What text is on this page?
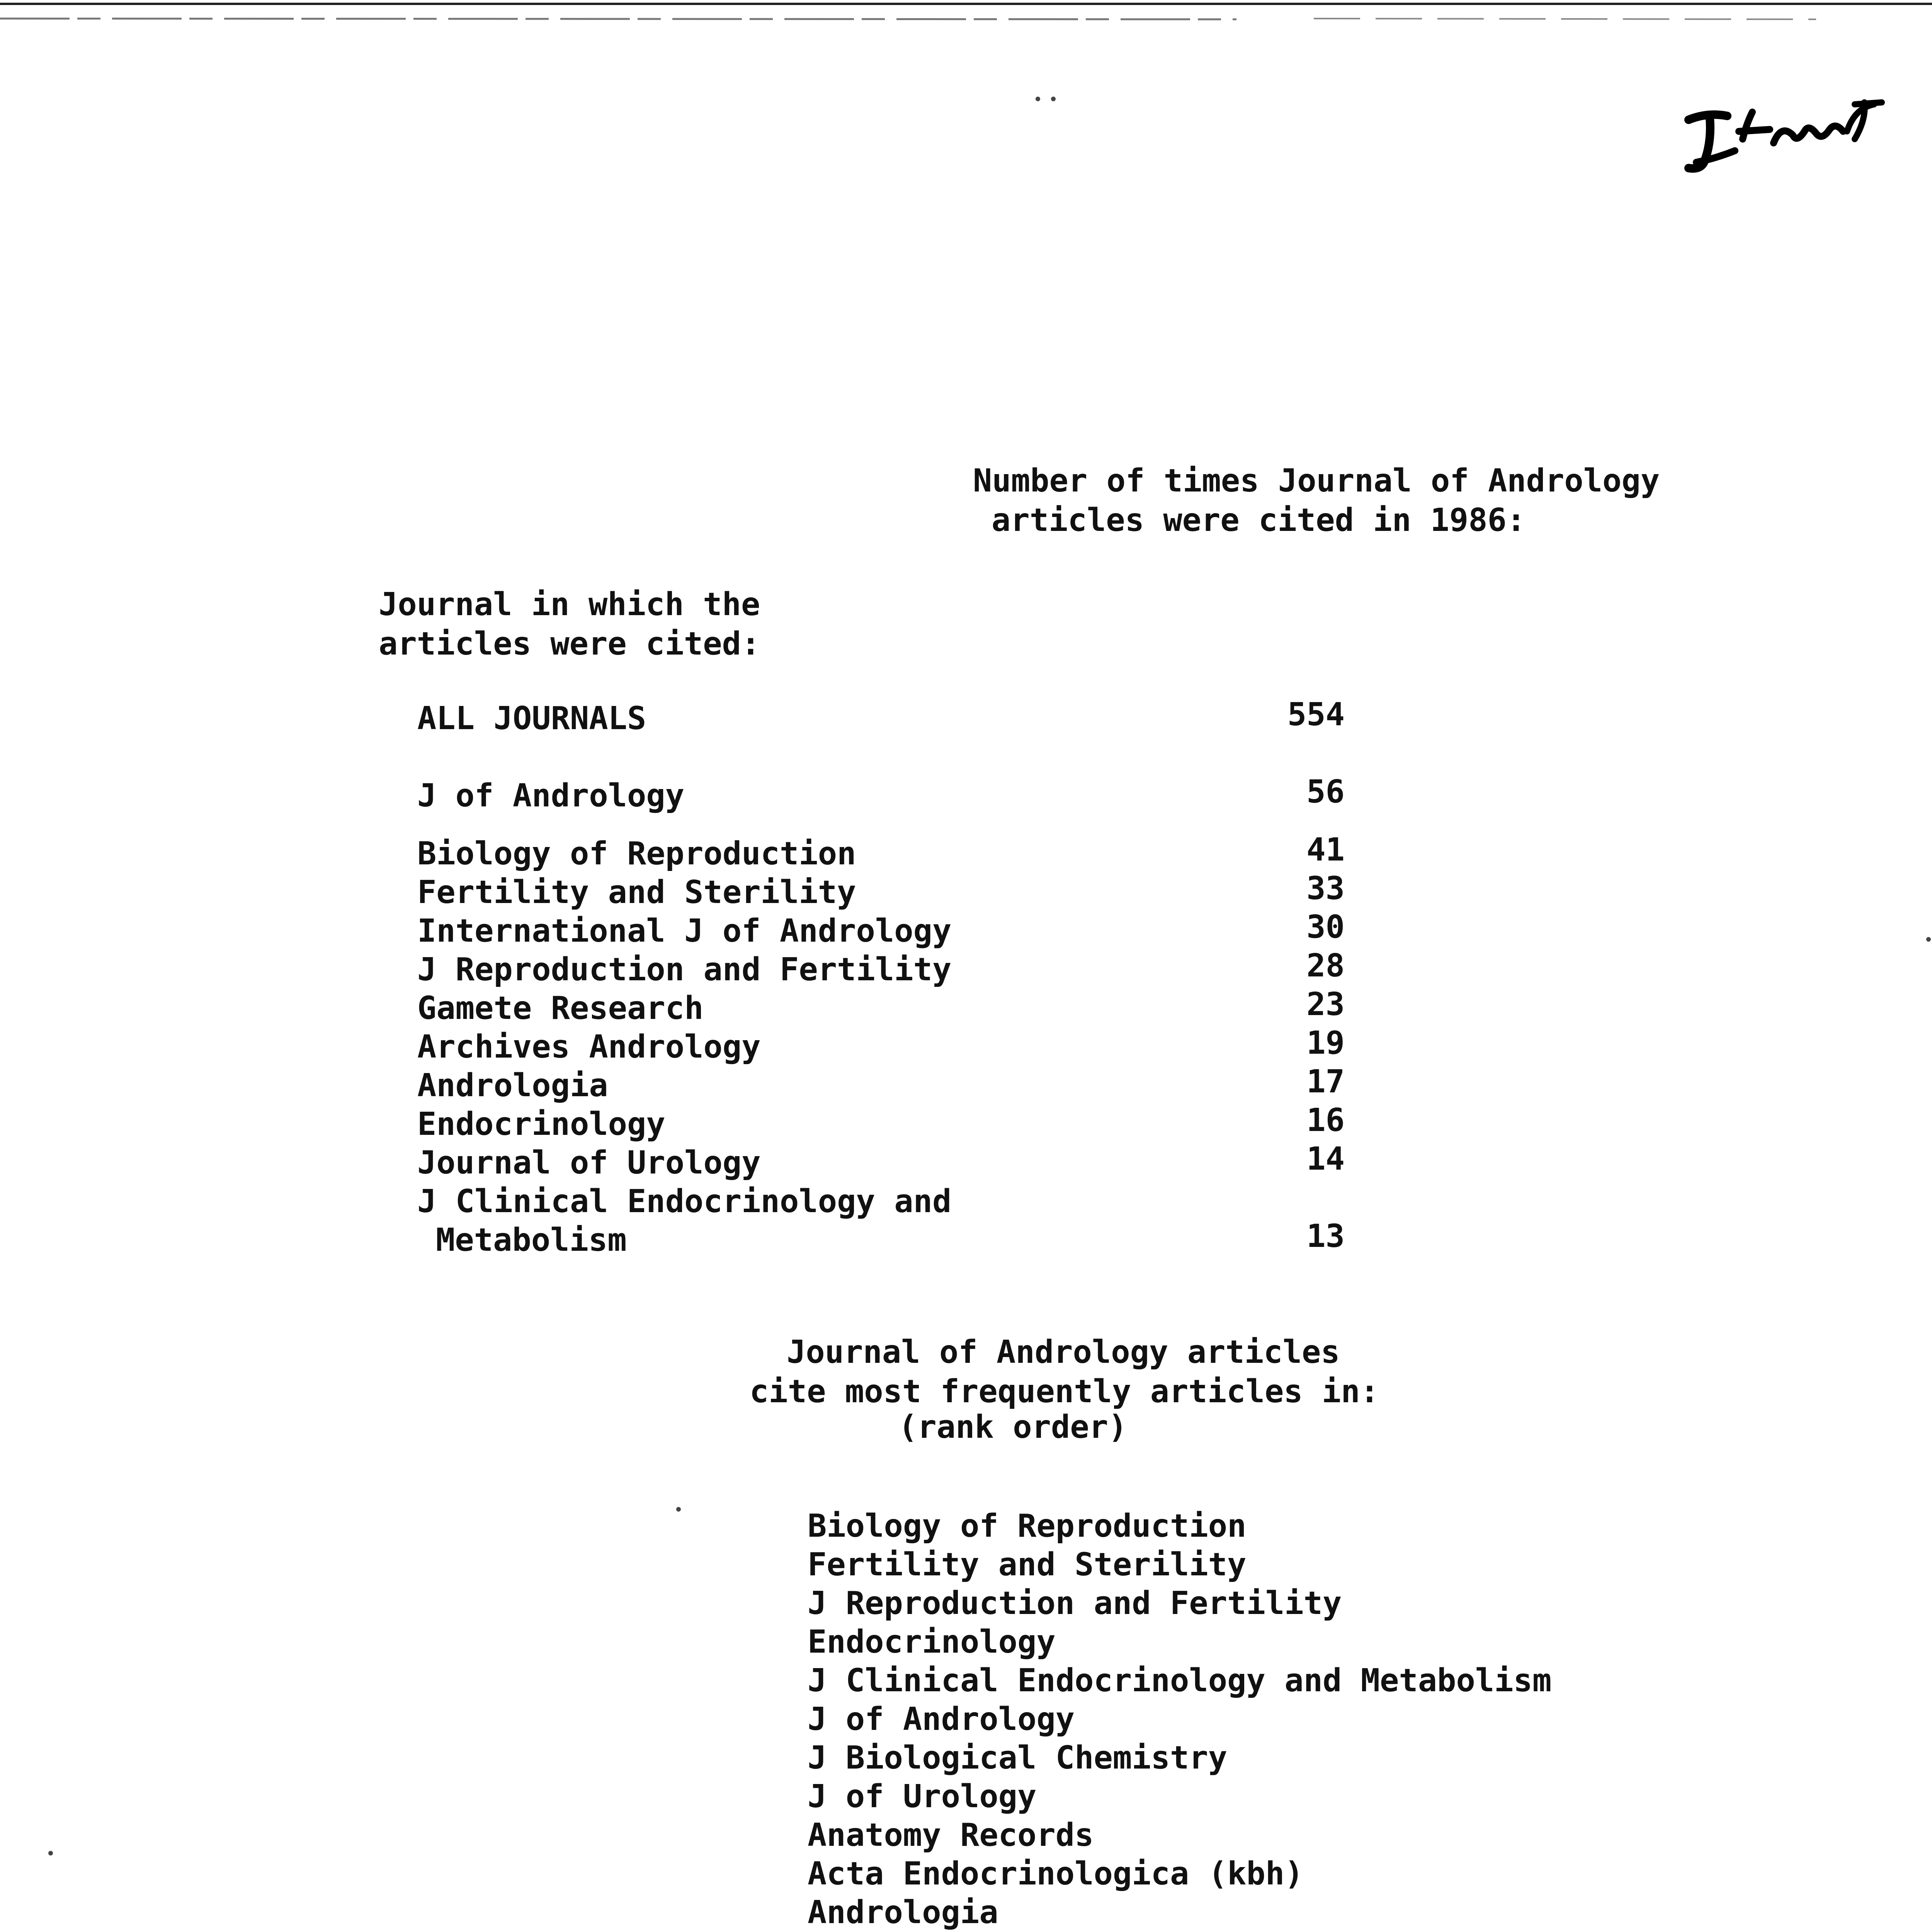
Number of times Journal of Andrology
articles were cited in 1986:
Journal in which the
articles were cited:
ALL JOURNALS	554
J of Andrology	56
Biology of Reproduction	41
Fertility and Sterility	33
International J of Andrology	30
J Reproduction and Fertility	28
Gamete Research	23
Archives Andrology	19
Andrologia	17
Endocrinology	16
Journal of Urology	14
J Clinical Endocrinology and
Metabolism	13
Journal of Andrology articles
cite most frequently articles in:
(rank order)
Biology of Reproduction
Fertility and Sterility
J Reproduction and Fertility
Endocrinology
J Clinical Endocrinology and Metabolism
J of Andrology
J Biological Chemistry
J of Urology
Anatomy Records
Acta Endocrinologica (kbh)
Andrologia
